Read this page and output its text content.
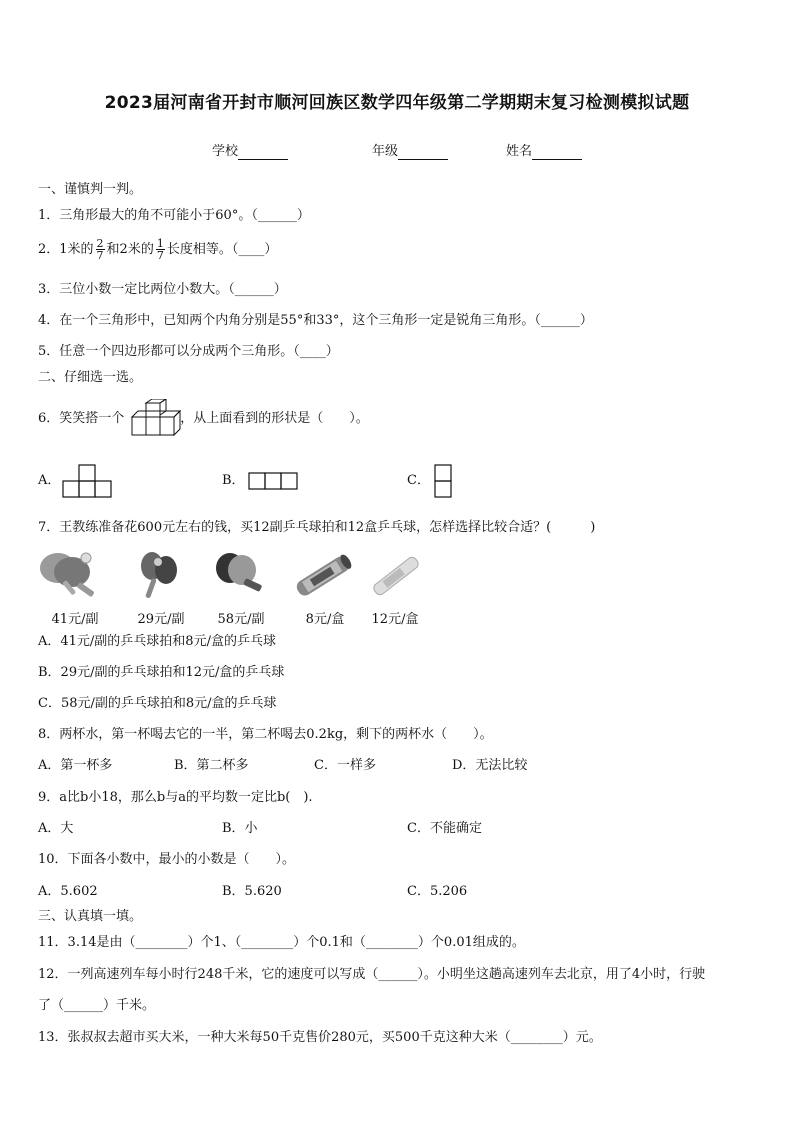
2023届河南省开封市顺河回族区数学四年级第二学期期末复习检测模拟试题
学校	年级	姓名
一、谨慎判一判。
1．三角形最大的角不可能小于60°。（______）
2．1米的 $\frac{2}{7}$ 和2米的 $\frac{1}{7}$ 长度相等。（____）
3．三位小数一定比两位小数大。（______）
4．在一个三角形中，已知两个内角分别是55°和33°，这个三角形一定是锐角三角形。（______）
5．任意一个四边形都可以分成两个三角形。（____）
二、仔细选一选。
6．笑笑搭一个	，从上面看到的形状是（　　）。
A．	B．	C．
7．王教练准备花600元左右的钱，买12副乒乓球拍和12盒乒乓球，怎样选择比较合适？(　　　)
41元/副	29元/副	58元/副	8元/盒	12元/盒
A．41元/副的乒乓球拍和8元/盒的乒乓球
B．29元/副的乒乓球拍和12元/盒的乒乓球
C．58元/副的乒乓球拍和8元/盒的乒乓球
8．两杯水，第一杯喝去它的一半，第二杯喝去0.2kg，剩下的两杯水（　　）。
A．第一杯多	B．第二杯多	C．一样多	D．无法比较
9．a比b小18，那么b与a的平均数一定比b(　).
A．大	B．小	C．不能确定
10．下面各小数中，最小的小数是（　　）。
A．5.602	B．5.620	C．5.206
三、认真填一填。
11．3.14是由（________）个1、（________）个0.1和（________）个0.01组成的。
12．一列高速列车每小时行248千米，它的速度可以写成（______）。小明坐这趟高速列车去北京，用了4小时，行驶
了（______）千米。
13．张叔叔去超市买大米，一种大米每50千克售价280元，买500千克这种大米（________）元。
